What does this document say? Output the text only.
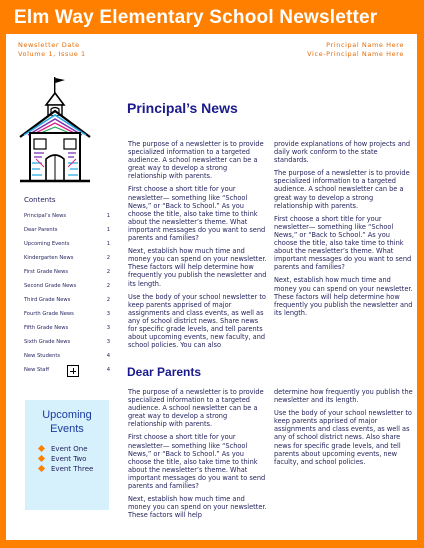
Elm Way Elementary School Newsletter
Newsletter Date
Volume 1, Issue 1
Principal Name Here
Vice-Principal Name Here
Contents
Principal’s News	1
Dear Parents	1
Upcoming Events	1
Kindergarten News	2
First Grade News	2
Second Grade News	2
Third Grade News	2
Fourth Grade News	3
Fifth Grade News	3
Sixth Grade News	3
New Students	4
New Staff	4
Upcoming
Events
Event One
Event Two
Event Three
Principal’s News

The purpose of a newsletter is to provide specialized information to a targeted audience. A school newsletter can be a great way to develop a strong relationship with parents.

First choose a short title for your newsletter— something like “School News,” or “Back to School.” As you choose the title, also take time to think about the newsletter’s theme. What important messages do you want to send parents and families?

Next, establish how much time and money you can spend on your newsletter. These factors will help determine how frequently you publish the newsletter and its length.

Use the body of your school newsletter to keep parents apprised of major assignments and class events, as well as any of school district news. Share news for specific grade levels, and tell parents about upcoming events, new faculty, and school policies. You can also

provide explanations of how projects and daily work conform to the state standards.

The purpose of a newsletter is to provide specialized information to a targeted audience. A school newsletter can be a great way to develop a strong relationship with parents.

First choose a short title for your newsletter— something like “School News,” or “Back to School.” As you choose the title, also take time to think about the newsletter’s theme. What important messages do you want to send parents and families?

Next, establish how much time and money you can spend on your newsletter. These factors will help determine how frequently you publish the newsletter and its length.

Dear Parents

The purpose of a newsletter is to provide specialized information to a targeted audience. A school newsletter can be a great way to develop a strong relationship with parents.

First choose a short title for your newsletter— something like “School News,” or “Back to School.” As you choose the title, also take time to think about the newsletter’s theme. What important messages do you want to send parents and families?

Next, establish how much time and money you can spend on your newsletter. These factors will help

determine how frequently you publish the newsletter and its length.

Use the body of your school newsletter to keep parents apprised of major assignments and class events, as well as any of school district news. Also share news for specific grade levels, and tell parents about upcoming events, new faculty, and school policies.
